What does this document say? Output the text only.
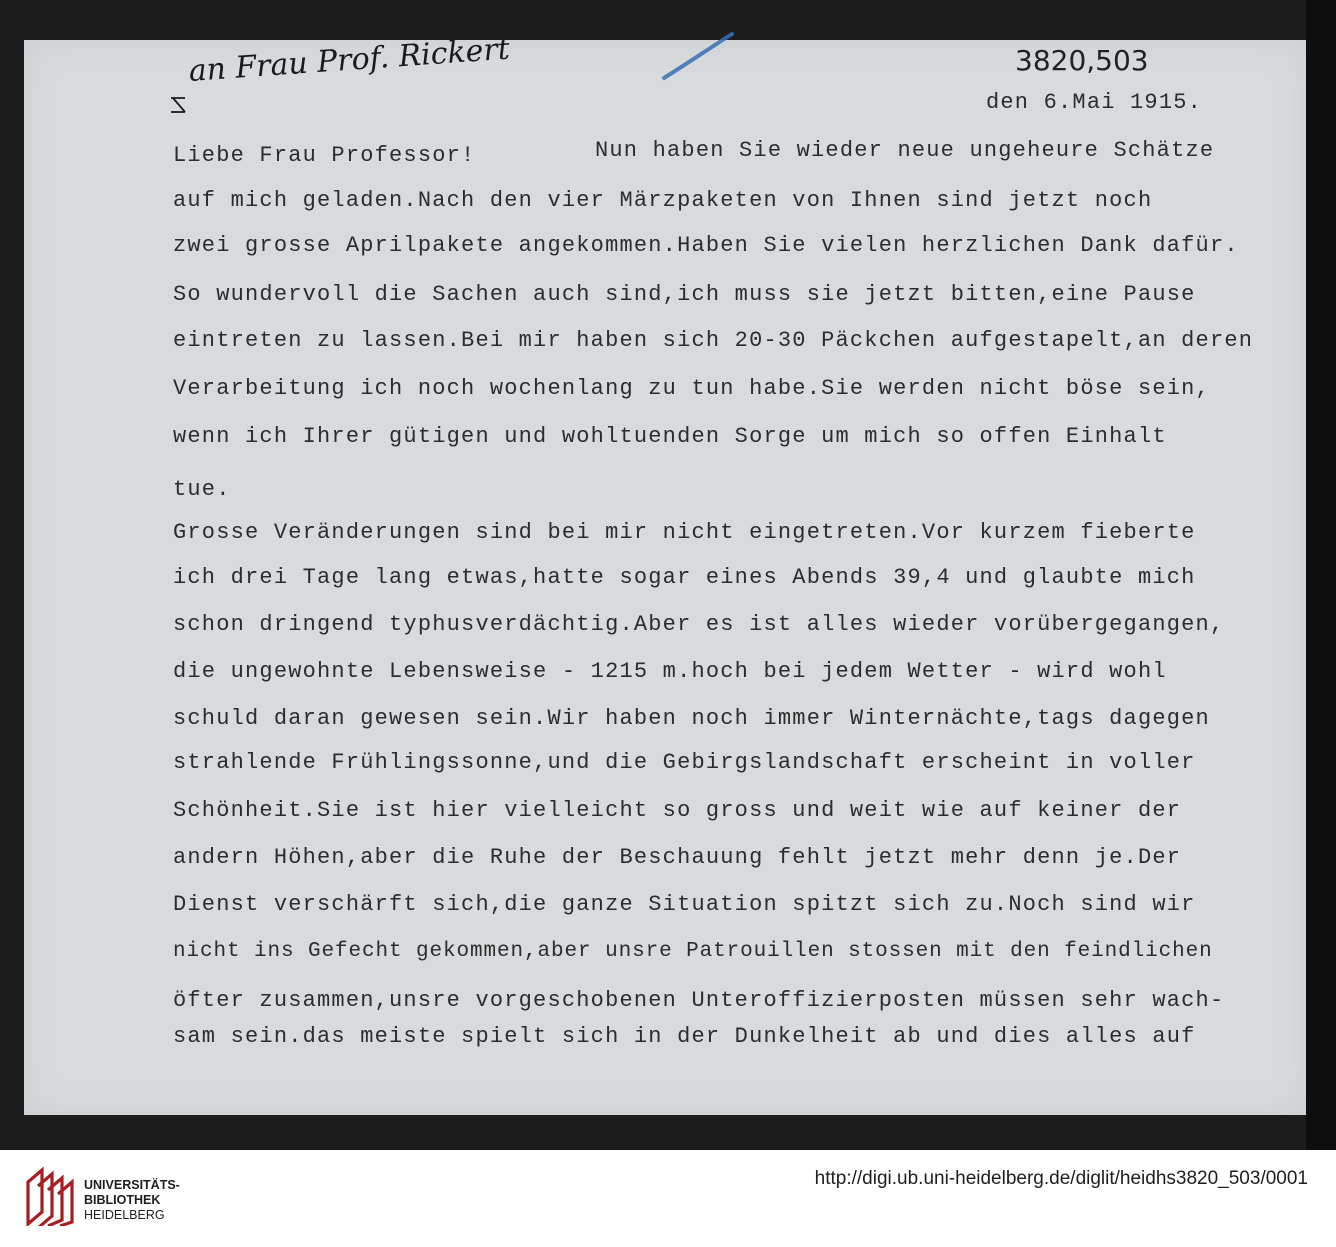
an Frau Prof. Rickert	3820,503
den 6.Mai 1915.
Liebe Frau Professor!	Nun haben Sie wieder neue ungeheure Schätze
auf mich geladen.Nach den vier Märzpaketen von Ihnen sind jetzt noch
zwei grosse Aprilpakete angekommen.Haben Sie vielen herzlichen Dank dafür.
So wundervoll die Sachen auch sind,ich muss sie jetzt bitten,eine Pause
eintreten zu lassen.Bei mir haben sich 20-30 Päckchen aufgestapelt,an deren
Verarbeitung ich noch wochenlang zu tun habe.Sie werden nicht böse sein,
wenn ich Ihrer gütigen und wohltuenden Sorge um mich so offen Einhalt
tue.
Grosse Veränderungen sind bei mir nicht eingetreten.Vor kurzem fieberte
ich drei Tage lang etwas,hatte sogar eines Abends 39,4 und glaubte mich
schon dringend typhusverdächtig.Aber es ist alles wieder vorübergegangen,
die ungewohnte Lebensweise - 1215 m.hoch bei jedem Wetter - wird wohl
schuld daran gewesen sein.Wir haben noch immer Winternächte,tags dagegen
strahlende Frühlingssonne,und die Gebirgslandschaft erscheint in voller
Schönheit.Sie ist hier vielleicht so gross und weit wie auf keiner der
andern Höhen,aber die Ruhe der Beschauung fehlt jetzt mehr denn je.Der
Dienst verschärft sich,die ganze Situation spitzt sich zu.Noch sind wir
nicht ins Gefecht gekommen,aber unsre Patrouillen stossen mit den feindlichen
öfter zusammen,unsre vorgeschobenen Unteroffizierposten müssen sehr wach-
sam sein.das meiste spielt sich in der Dunkelheit ab und dies alles auf
UNIVERSITÄTS-
BIBLIOTHEK
HEIDELBERG
http://digi.ub.uni-heidelberg.de/diglit/heidhs3820_503/0001
